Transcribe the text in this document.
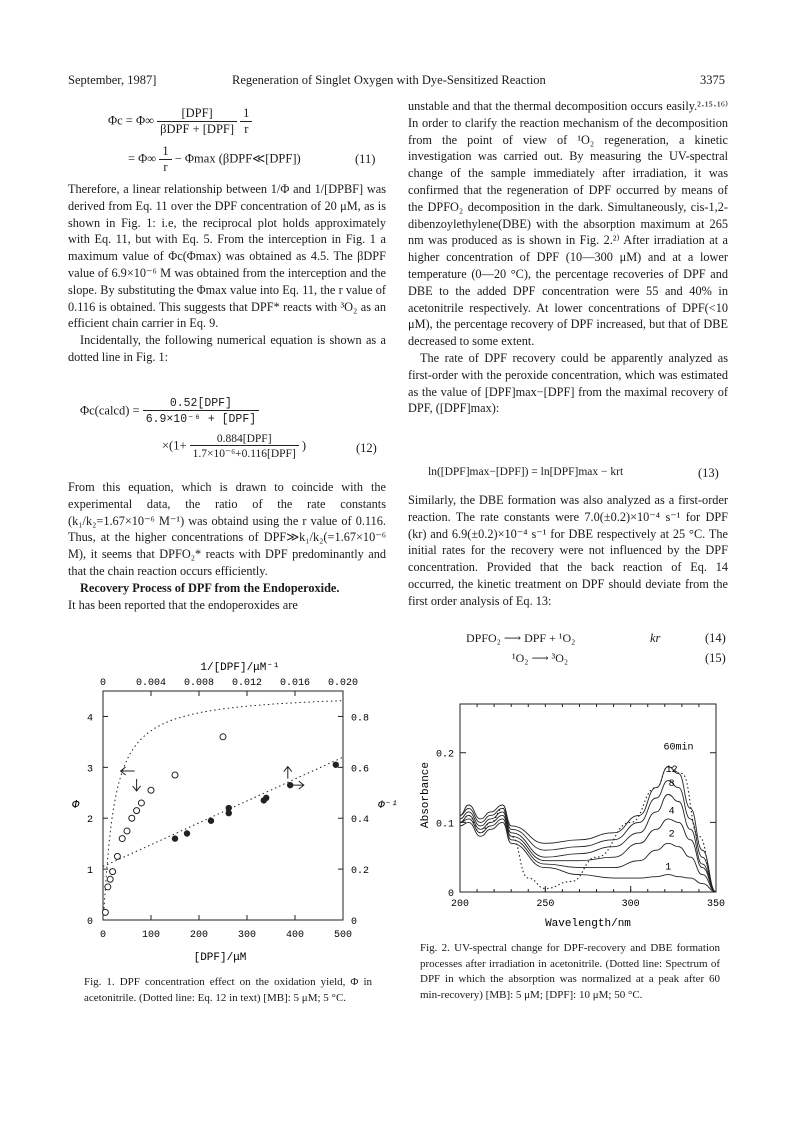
September, 1987]	Regeneration of Singlet Oxygen with Dye-Sensitized Reaction	3375
$\Phi c = \Phi\infty \frac{\text{[DPF]}}{\text{βDPF + [DPF]}}$
$\frac{1}{r}$
= $\Phi\infty \frac{1}{r} - \Phi\max$ (βDPF≪[DPF])	(11)

Therefore, a linear relationship between 1/Φ and 1/[DPBF] was derived from Eq. 11 over the DPF concentration of 20 μM, as is shown in Fig. 1: i.e, the reciprocal plot holds approximately with Eq. 11, but with Eq. 5. From the interception in Fig. 1 a maximum value of Φc(Φmax) was obtained as 4.5. The βDPF value of 6.9×10⁻⁶ M was obtained from the interception and the slope. By substituting the Φmax value into Eq. 11, the r value of 0.116 is obtained. This suggests that DPF* reacts with ³O₂ as an efficient chain carrier in Eq. 9.

Incidentally, the following numerical equation is shown as a dotted line in Fig. 1:

Φc(calcd) = $\frac{\text{0.52[DPF]}}{\text{6.9×10⁻⁶ + [DPF]}}$
$\times(1+ \frac{\text{0.884[DPF]}}{\text{1.7×10⁻⁶+0.116[DPF]}}$ )	(12)

From this equation, which is drawn to coincide with the experimental data, the ratio of the rate constants (k₁/k₂=1.67×10⁻⁶ M⁻¹) was obtaind using the r value of 0.116. Thus, at the higher concentrations of DPF≫k₁/k₂(=1.67×10⁻⁶ M), it seems that DPFO₂* reacts with DPF predominantly and that the chain reaction occurs efficiently.

Recovery Process of DPF from the Endoperoxide.

It has been reported that the endoperoxides are

unstable and that the thermal decomposition occurs easily.²·¹⁵·¹⁶⁾ In order to clarify the reaction mechanism of the decomposition from the point of view of ¹O₂ regeneration, a kinetic investigation was carried out. By measuring the UV-spectral change of the sample immediately after irradiation, it was confirmed that the regeneration of DPF occurred by means of the DPFO₂ decomposition in the dark. Simultaneously, cis-1,2-dibenzoylethylene(DBE) with the absorption maximum at 265 nm was produced as is shown in Fig. 2.²⁾ After irradiation at a higher concentration of DPF (10—300 μM) and at a lower temperature (0—20 °C), the percentage recoveries of DPF and DBE to the added DPF concentration were 55 and 40% in acetonitrile respectively. At lower concentrations of DPF(<10 μM), the percentage recovery of DPF increased, but that of DBE decreased to some extent.

The rate of DPF recovery could be apparently analyzed as first-order with the peroxide concentration, which was estimated as the value of [DPF]max−[DPF] from the maximal recovery of DPF, ([DPF]max):

ln([DPF]max−[DPF]) = ln[DPF]max − krt	(13)

Similarly, the DBE formation was also analyzed as a first-order reaction. The rate constants were 7.0(±0.2)×10⁻⁴ s⁻¹ for DPF (kr) and 6.9(±0.2)×10⁻⁴ s⁻¹ for DBE respectively at 25 °C. The initial rates for the recovery were not influenced by the DPF concentration. Provided that the back reaction of Eq. 14 occurred, the kinetic treatment on DPF should deviate from the first order analysis of Eq. 13:

DPFO₂ ⟶ DPF + ¹O₂	kr	(14)
¹O₂ ⟶ ³O₂	(15)
1/[DPF]/μM⁻¹
0	0.004 0.008 0.012 0.016 0.020
0	100	200	300	400	500
0
1
2
3
4
0
0.2
0.4
0.6
0.8
Φ	Φ⁻¹
[DPF]/μM
Fig. 1. DPF concentration effect on the oxidation yield, Φ in acetonitrile. (Dotted line: Eq. 12 in text) [MB]: 5 μM; 5 °C.
200	250	300	350
0
0.1
0.2
60min
12
8
4
2
1
Absorbance
Wavelength/nm
Fig. 2. UV-spectral change for DPF-recovery and DBE formation processes after irradiation in acetonitrile. (Dotted line: Spectrum of DPF in which the absorption was normalized at a peak after 60 min-recovery) [MB]: 5 μM; [DPF]: 10 μM; 50 °C.
